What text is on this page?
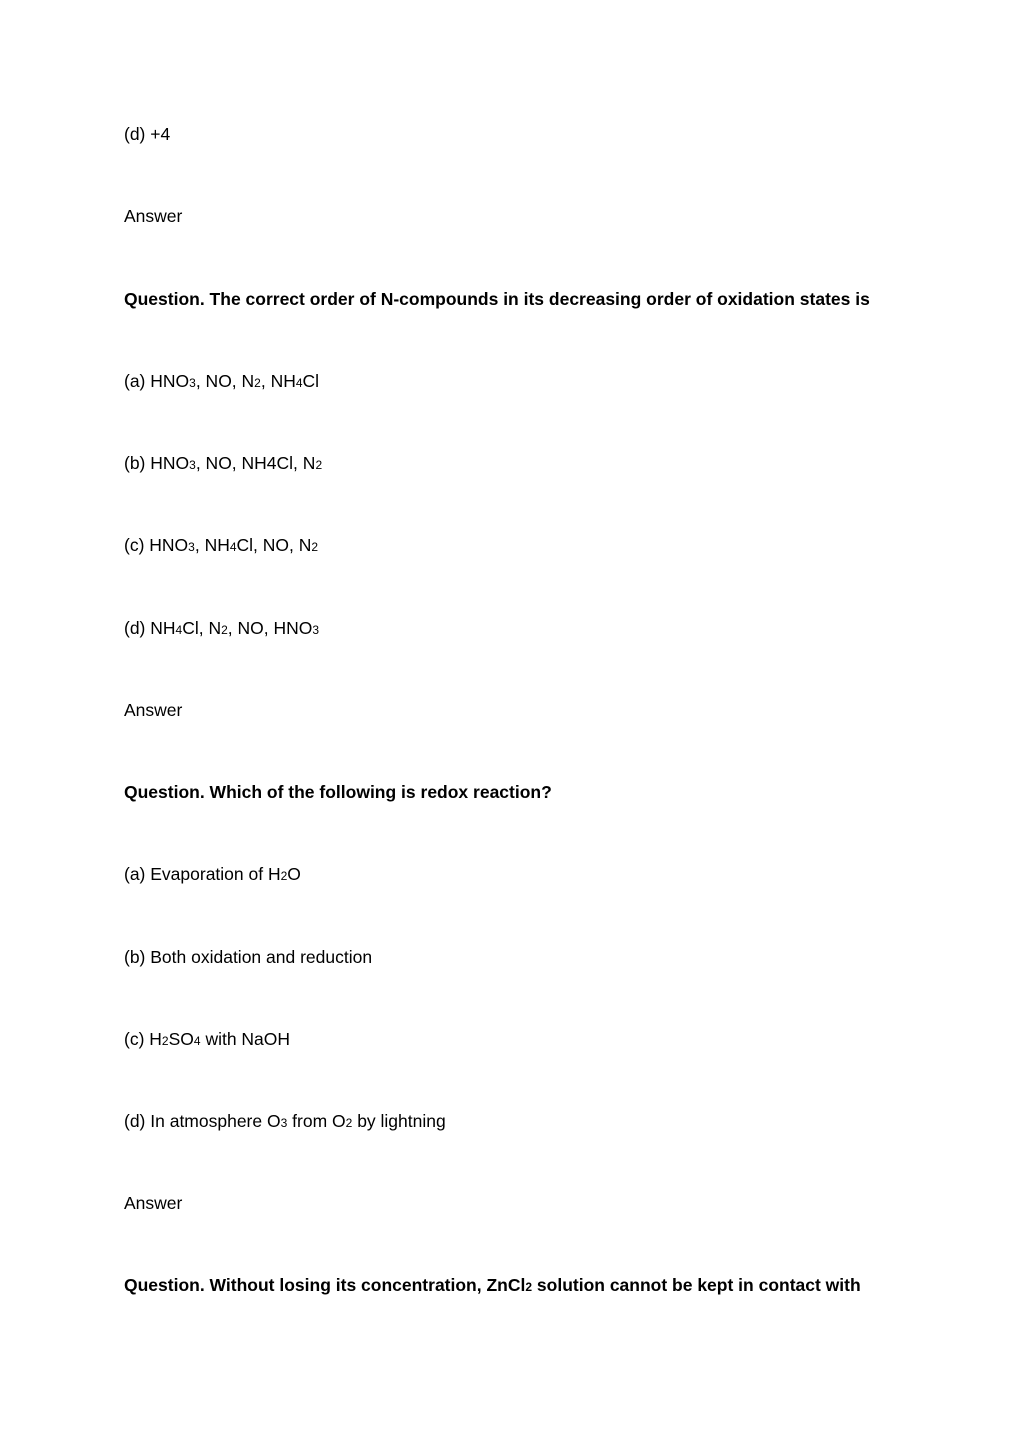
(d) +4
Answer
Question. The correct order of N-compounds in its decreasing order of oxidation states is
(a) HNO3, NO, N2, NH4Cl
(b) HNO3, NO, NH4Cl, N2
(c) HNO3, NH4Cl, NO, N2
(d) NH4Cl, N2, NO, HNO3
Answer
Question. Which of the following is redox reaction?
(a) Evaporation of H2O
(b) Both oxidation and reduction
(c) H2SO4 with NaOH
(d) In atmosphere O3 from O2 by lightning
Answer
Question. Without losing its concentration, ZnCl2 solution cannot be kept in contact with
